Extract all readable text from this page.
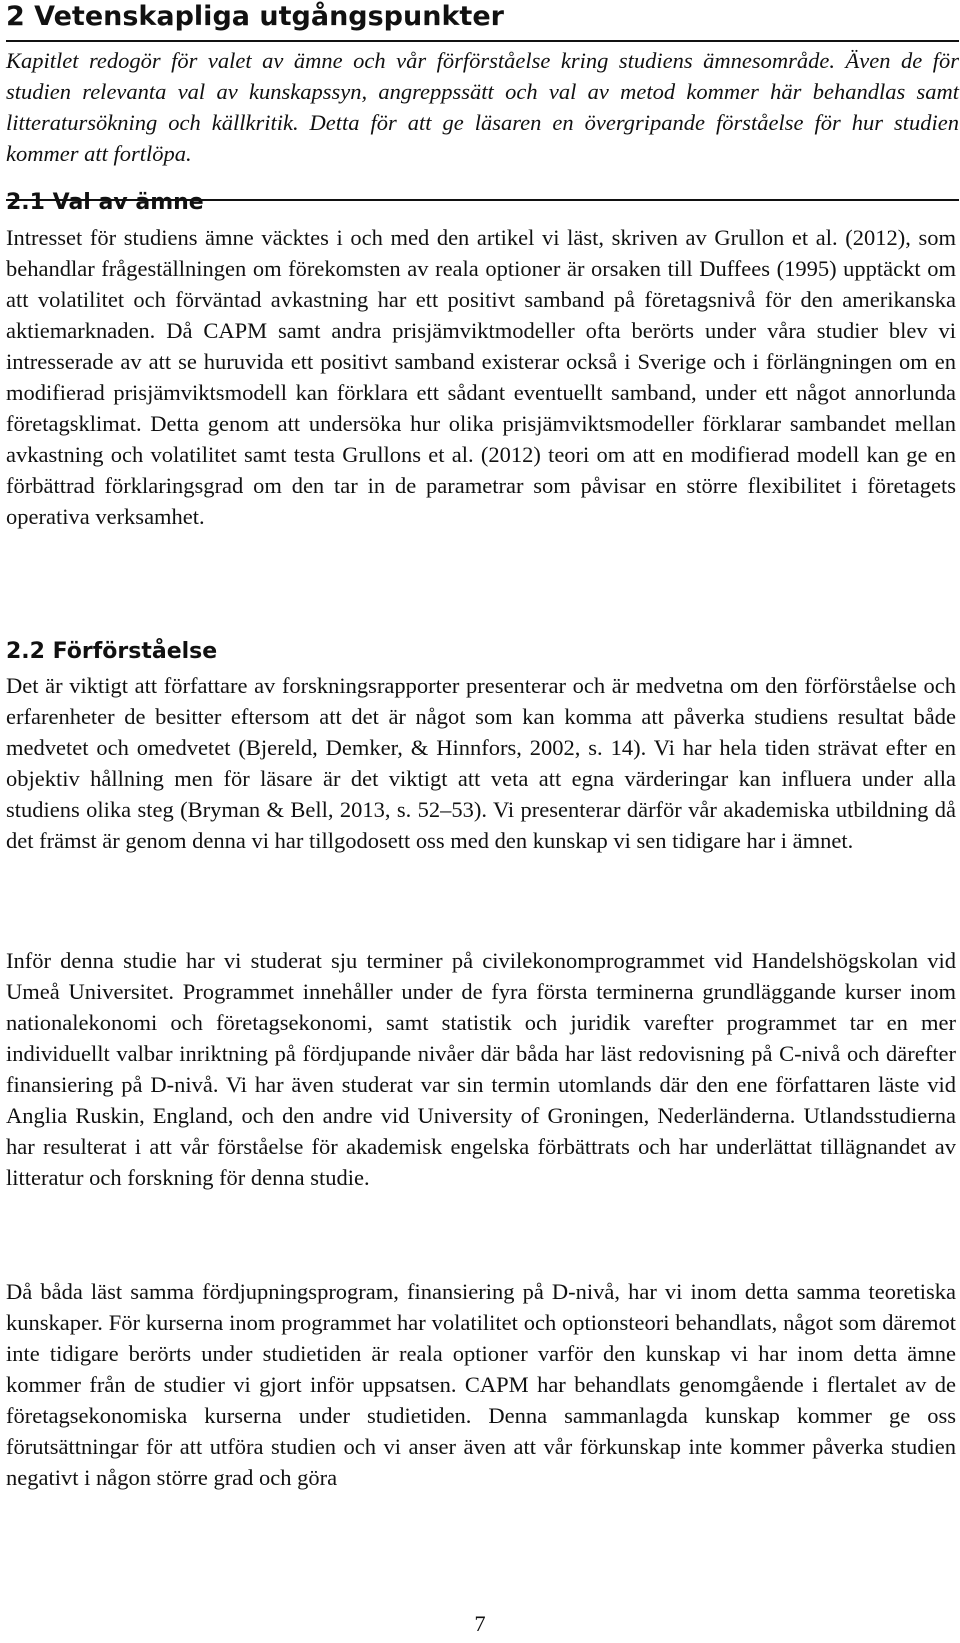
2 Vetenskapliga utgångspunkter

Kapitlet redogör för valet av ämne och vår förförståelse kring studiens ämnesområde. Även de för studien relevanta val av kunskapssyn, angreppssätt och val av metod kommer här behandlas samt litteratursökning och källkritik. Detta för att ge läsaren en övergripande förståelse för hur studien kommer att fortlöpa.

2.1 Val av ämne

Intresset för studiens ämne väcktes i och med den artikel vi läst, skriven av Grullon et al. (2012), som behandlar frågeställningen om förekomsten av reala optioner är orsaken till Duffees (1995) upptäckt om att volatilitet och förväntad avkastning har ett positivt samband på företagsnivå för den amerikanska aktiemarknaden. Då CAPM samt andra prisjämviktmodeller ofta berörts under våra studier blev vi intresserade av att se huruvida ett positivt samband existerar också i Sverige och i förlängningen om en modifierad prisjämviktsmodell kan förklara ett sådant eventuellt samband, under ett något annorlunda företagsklimat. Detta genom att undersöka hur olika prisjämviktsmodeller förklarar sambandet mellan avkastning och volatilitet samt testa Grullons et al. (2012) teori om att en modifierad modell kan ge en förbättrad förklaringsgrad om den tar in de parametrar som påvisar en större flexibilitet i företagets operativa verksamhet.

2.2 Förförståelse

Det är viktigt att författare av forskningsrapporter presenterar och är medvetna om den förförståelse och erfarenheter de besitter eftersom att det är något som kan komma att påverka studiens resultat både medvetet och omedvetet (Bjereld, Demker, & Hinnfors, 2002, s. 14). Vi har hela tiden strävat efter en objektiv hållning men för läsare är det viktigt att veta att egna värderingar kan influera under alla studiens olika steg (Bryman & Bell, 2013, s. 52–53). Vi presenterar därför vår akademiska utbildning då det främst är genom denna vi har tillgodosett oss med den kunskap vi sen tidigare har i ämnet.

Inför denna studie har vi studerat sju terminer på civilekonomprogrammet vid Handelshögskolan vid Umeå Universitet. Programmet innehåller under de fyra första terminerna grundläggande kurser inom nationalekonomi och företagsekonomi, samt statistik och juridik varefter programmet tar en mer individuellt valbar inriktning på fördjupande nivåer där båda har läst redovisning på C-nivå och därefter finansiering på D-nivå. Vi har även studerat var sin termin utomlands där den ene författaren läste vid Anglia Ruskin, England, och den andre vid University of Groningen, Nederländerna. Utlandsstudierna har resulterat i att vår förståelse för akademisk engelska förbättrats och har underlättat tillägnandet av litteratur och forskning för denna studie.

Då båda läst samma fördjupningsprogram, finansiering på D-nivå, har vi inom detta samma teoretiska kunskaper. För kurserna inom programmet har volatilitet och optionsteori behandlats, något som däremot inte tidigare berörts under studietiden är reala optioner varför den kunskap vi har inom detta ämne kommer från de studier vi gjort inför uppsatsen. CAPM har behandlats genomgående i flertalet av de företagsekonomiska kurserna under studietiden. Denna sammanlagda kunskap kommer ge oss förutsättningar för att utföra studien och vi anser även att vår förkunskap inte kommer påverka studien negativt i någon större grad och göra

7
